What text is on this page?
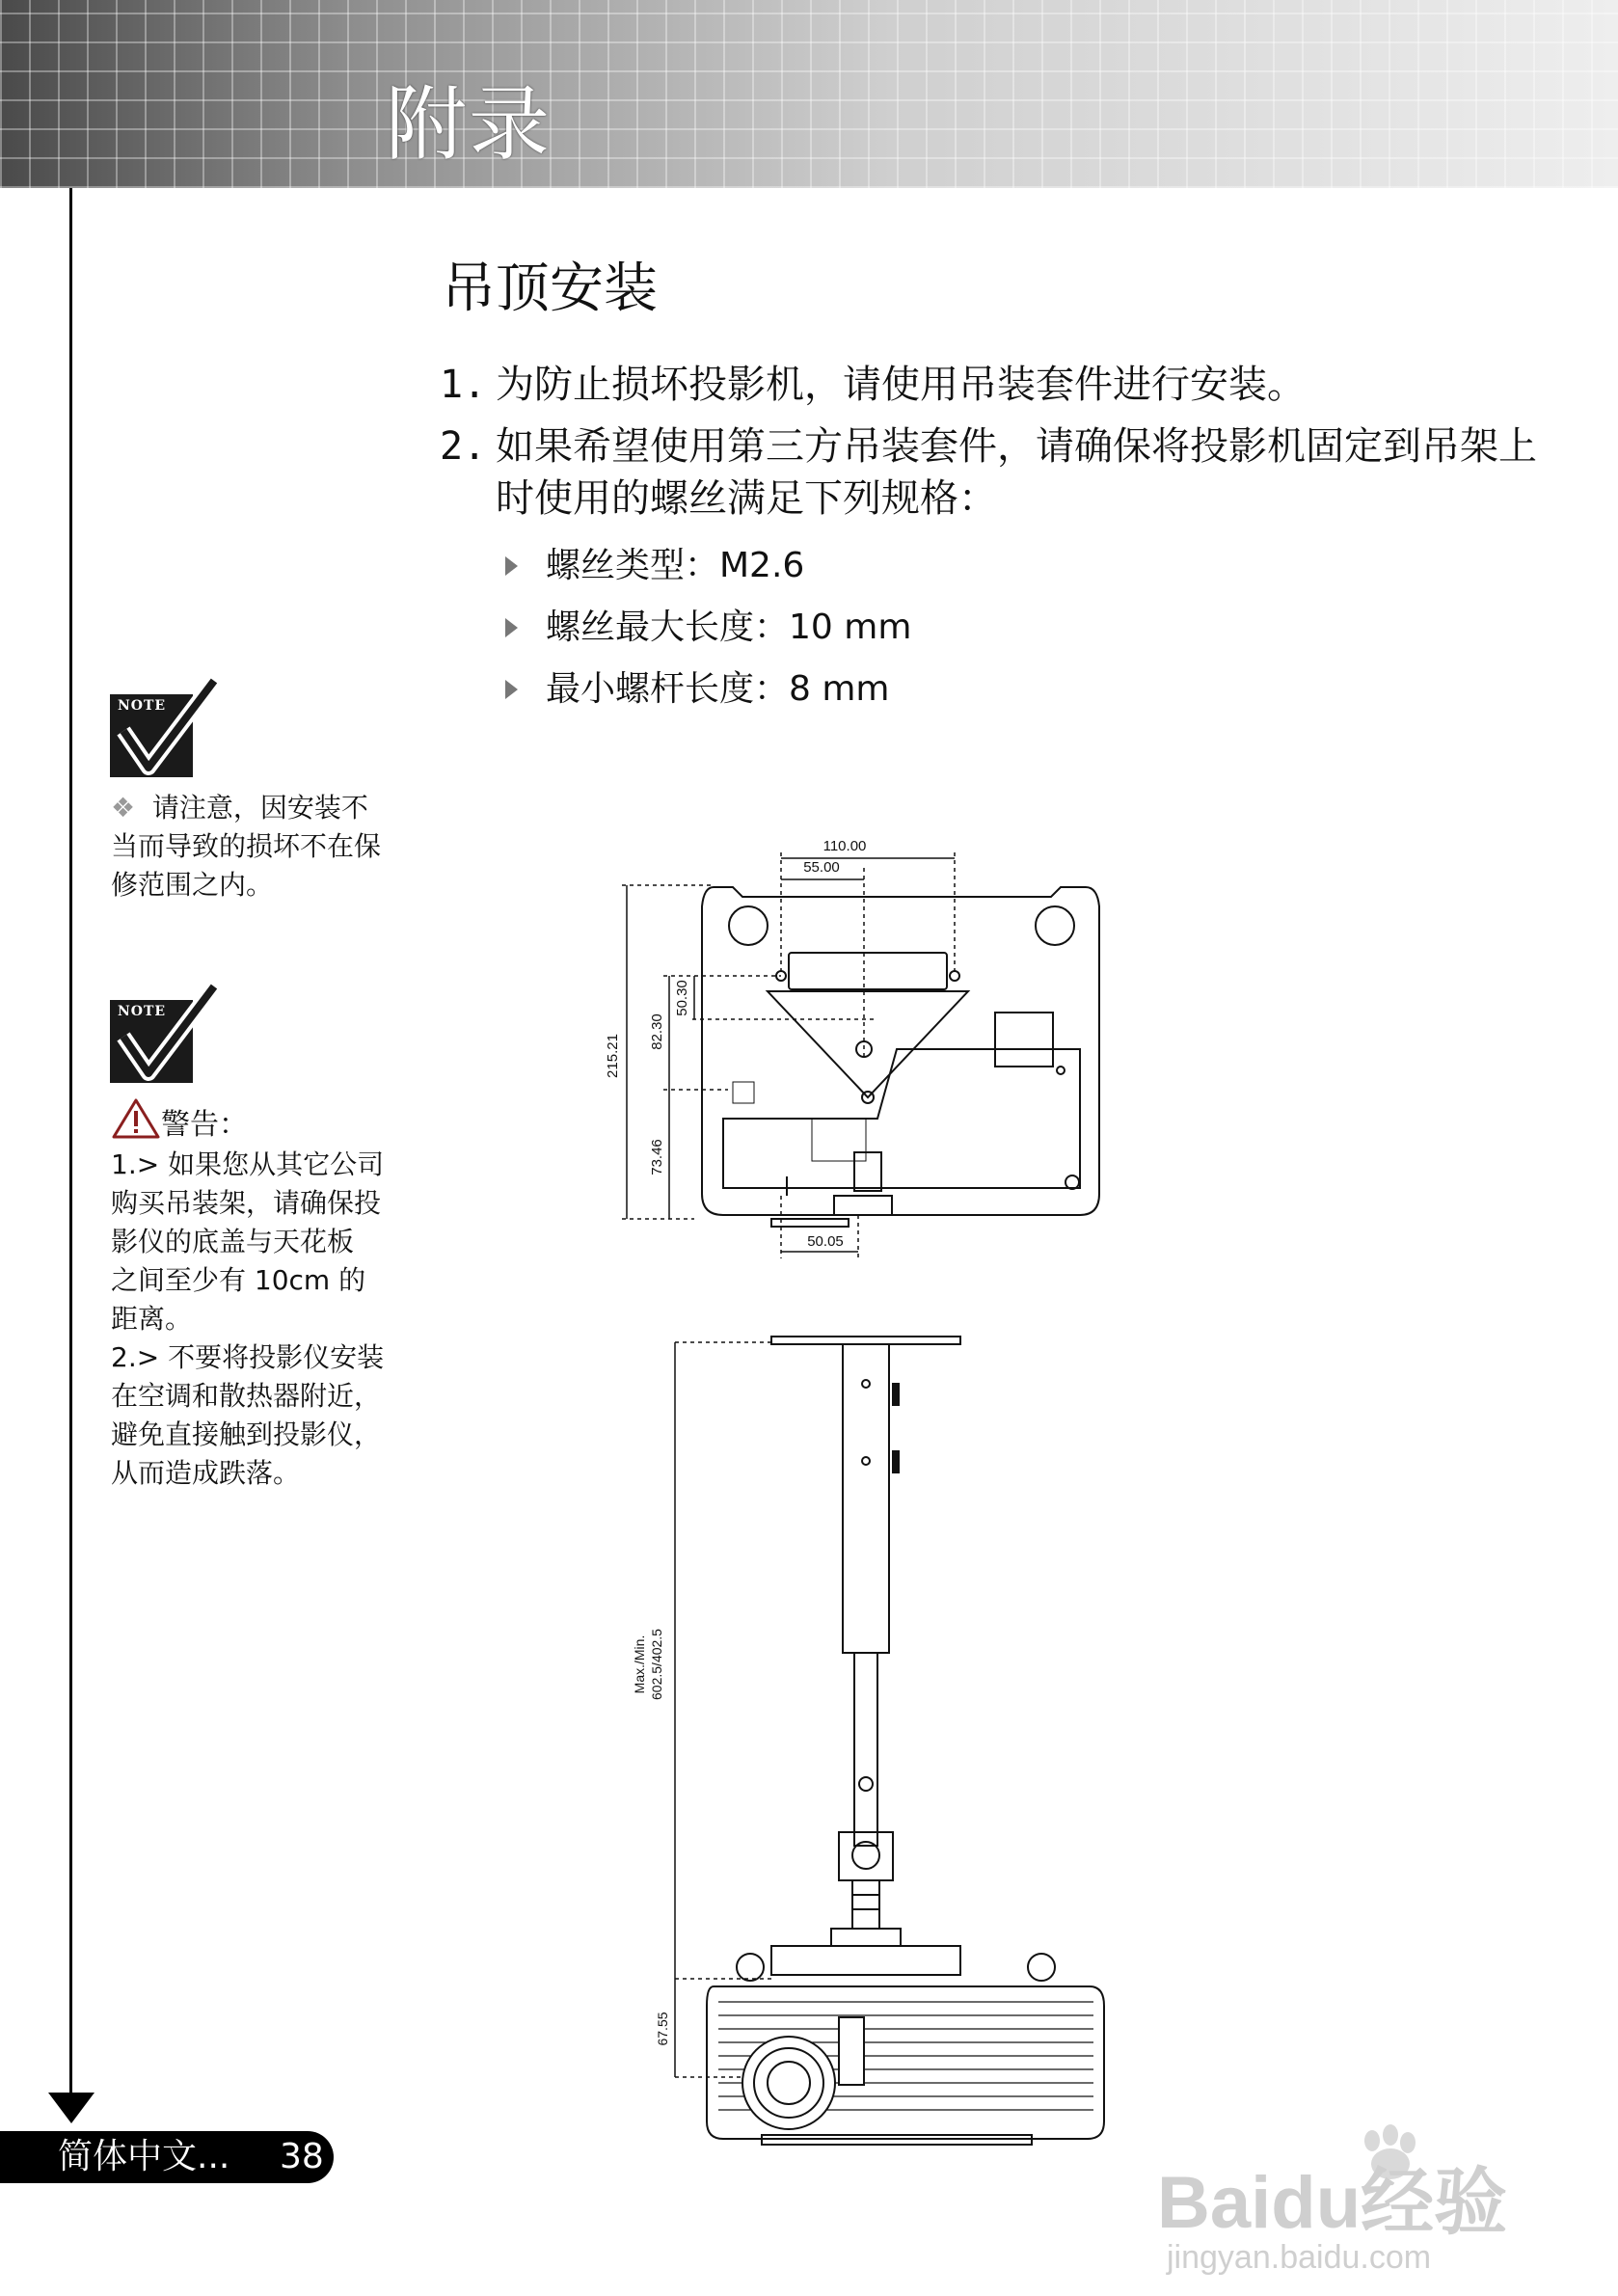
附录
简体中文... 38
吊顶安装
1. 为防止损坏投影机，请使用吊装套件进行安装。
2. 如果希望使用第三方吊装套件，请确保将投影机固定到吊架上时使用的螺丝满足下列规格：
螺丝类型：M2.6
螺丝最大长度：10 mm
最小螺杆长度：8 mm
NOTE
❖ 请注意，因安装不
当而导致的损坏不在保
修范围之内。
NOTE
警告：
1.> 如果您从其它公司
购买吊装架，请确保投
影仪的底盖与天花板
之间至少有 10cm 的
距离。
2.> 不要将投影仪安装
在空调和散热器附近，
避免直接触到投影仪，
从而造成跌落。
110.00
55.00
215.21
82.30
50.30
73.46
50.05
Max./Min. 602.5/402.5
67.55
Baidu经验
jingyan.baidu.com
